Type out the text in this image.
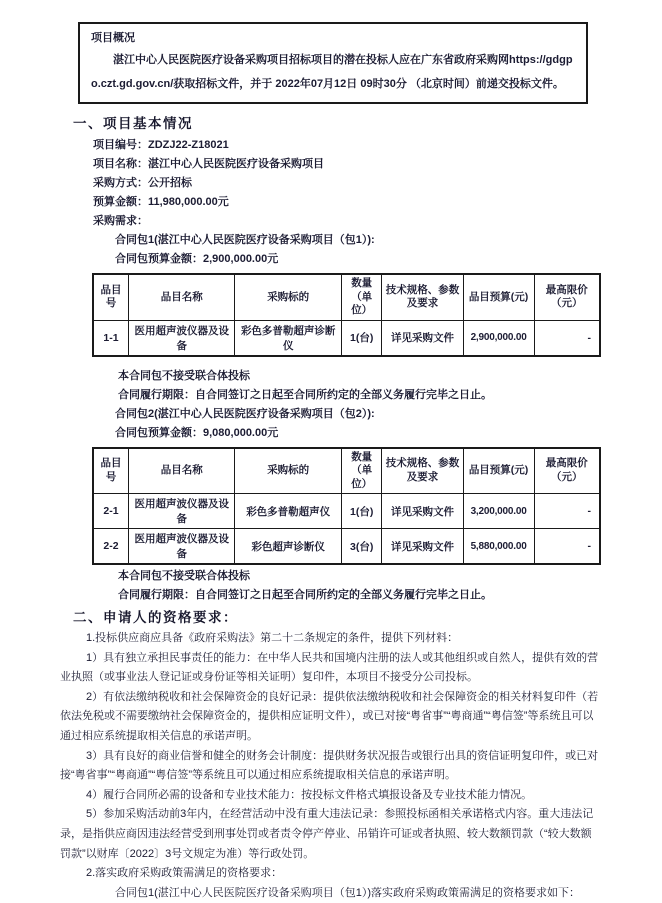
项目概况

湛江中心人民医院医疗设备采购项目招标项目的潜在投标人应在广东省政府采购网https://gdgpo.czt.gd.gov.cn/获取招标文件，并于 2022年07月12日 09时30分 （北京时间）前递交投标文件。

一、项目基本情况

项目编号：ZDZJ22-Z18021

项目名称：湛江中心人民医院医疗设备采购项目

采购方式：公开招标

预算金额：11,980,000.00元

采购需求：

合同包1(湛江中心人民医院医疗设备采购项目（包1）):

合同包预算金额：2,900,000.00元

品目号	品目名称	采购标的	数量（单位）	技术规格、参数及要求	品目预算(元)	最高限价（元）
1-1	医用超声波仪器及设备	彩色多普勒超声诊断仪	1(台)	详见采购文件	2,900,000.00	-

本合同包不接受联合体投标

合同履行期限：自合同签订之日起至合同所约定的全部义务履行完毕之日止。

合同包2(湛江中心人民医院医疗设备采购项目（包2）):

合同包预算金额：9,080,000.00元

品目号	品目名称	采购标的	数量（单位）	技术规格、参数及要求	品目预算(元)	最高限价（元）
2-1	医用超声波仪器及设备	彩色多普勒超声仪	1(台)	详见采购文件	3,200,000.00	-
2-2	医用超声波仪器及设备	彩色超声诊断仪	3(台)	详见采购文件	5,880,000.00	-

本合同包不接受联合体投标

合同履行期限：自合同签订之日起至合同所约定的全部义务履行完毕之日止。

二、申请人的资格要求：

1.投标供应商应具备《政府采购法》第二十二条规定的条件，提供下列材料：

1）具有独立承担民事责任的能力：在中华人民共和国境内注册的法人或其他组织或自然人，提供有效的营业执照（或事业法人登记证或身份证等相关证明）复印件，本项目不接受分公司投标。

2）有依法缴纳税收和社会保障资金的良好记录：提供依法缴纳税收和社会保障资金的相关材料复印件（若依法免税或不需要缴纳社会保障资金的，提供相应证明文件），或已对接“粤省事”“粤商通”“粤信签”等系统且可以通过相应系统提取相关信息的承诺声明。

3）具有良好的商业信誉和健全的财务会计制度：提供财务状况报告或银行出具的资信证明复印件，或已对接“粤省事”“粤商通”“粤信签”等系统且可以通过相应系统提取相关信息的承诺声明。

4）履行合同所必需的设备和专业技术能力：按投标文件格式填报设备及专业技术能力情况。

5）参加采购活动前3年内，在经营活动中没有重大违法记录：参照投标函相关承诺格式内容。重大违法记录，是指供应商因违法经营受到刑事处罚或者责令停产停业、吊销许可证或者执照、较大数额罚款（“较大数额罚款”以财库〔2022〕3号文规定为准）等行政处罚。

2.落实政府采购政策需满足的资格要求：

合同包1(湛江中心人民医院医疗设备采购项目（包1）)落实政府采购政策需满足的资格要求如下：
